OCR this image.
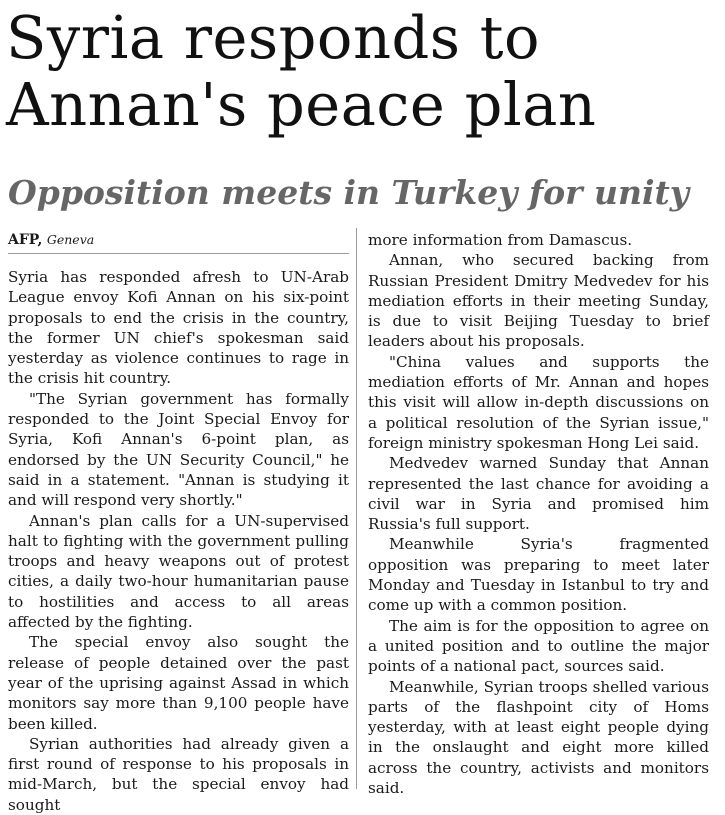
Syria responds to Annan's peace plan
Opposition meets in Turkey for unity
AFP, Geneva

Syria has responded afresh to UN-Arab League envoy Kofi Annan on his six-point proposals to end the crisis in the country, the former UN chief's spokesman said yesterday as violence continues to rage in the crisis hit country.

"The Syrian government has formally responded to the Joint Special Envoy for Syria, Kofi Annan's 6-point plan, as endorsed by the UN Security Council," he said in a statement. "Annan is studying it and will respond very shortly."

Annan's plan calls for a UN-supervised halt to fighting with the government pulling troops and heavy weapons out of protest cities, a daily two-hour humanitarian pause to hostilities and access to all areas affected by the fighting.

The special envoy also sought the release of people detained over the past year of the uprising against Assad in which monitors say more than 9,100 people have been killed.

Syrian authorities had already given a first round of response to his proposals in mid-March, but the special envoy had sought

more information from Damascus.

Annan, who secured backing from Russian President Dmitry Medvedev for his mediation efforts in their meeting Sunday, is due to visit Beijing Tuesday to brief leaders about his proposals.

"China values and supports the mediation efforts of Mr. Annan and hopes this visit will allow in-depth discussions on a political resolution of the Syrian issue," foreign ministry spokesman Hong Lei said.

Medvedev warned Sunday that Annan represented the last chance for avoiding a civil war in Syria and promised him Russia's full support.

Meanwhile Syria's fragmented opposition was preparing to meet later Monday and Tuesday in Istanbul to try and come up with a common position.

The aim is for the opposition to agree on a united position and to outline the major points of a national pact, sources said.

Meanwhile, Syrian troops shelled various parts of the flashpoint city of Homs yesterday, with at least eight people dying in the onslaught and eight more killed across the country, activists and monitors said.
